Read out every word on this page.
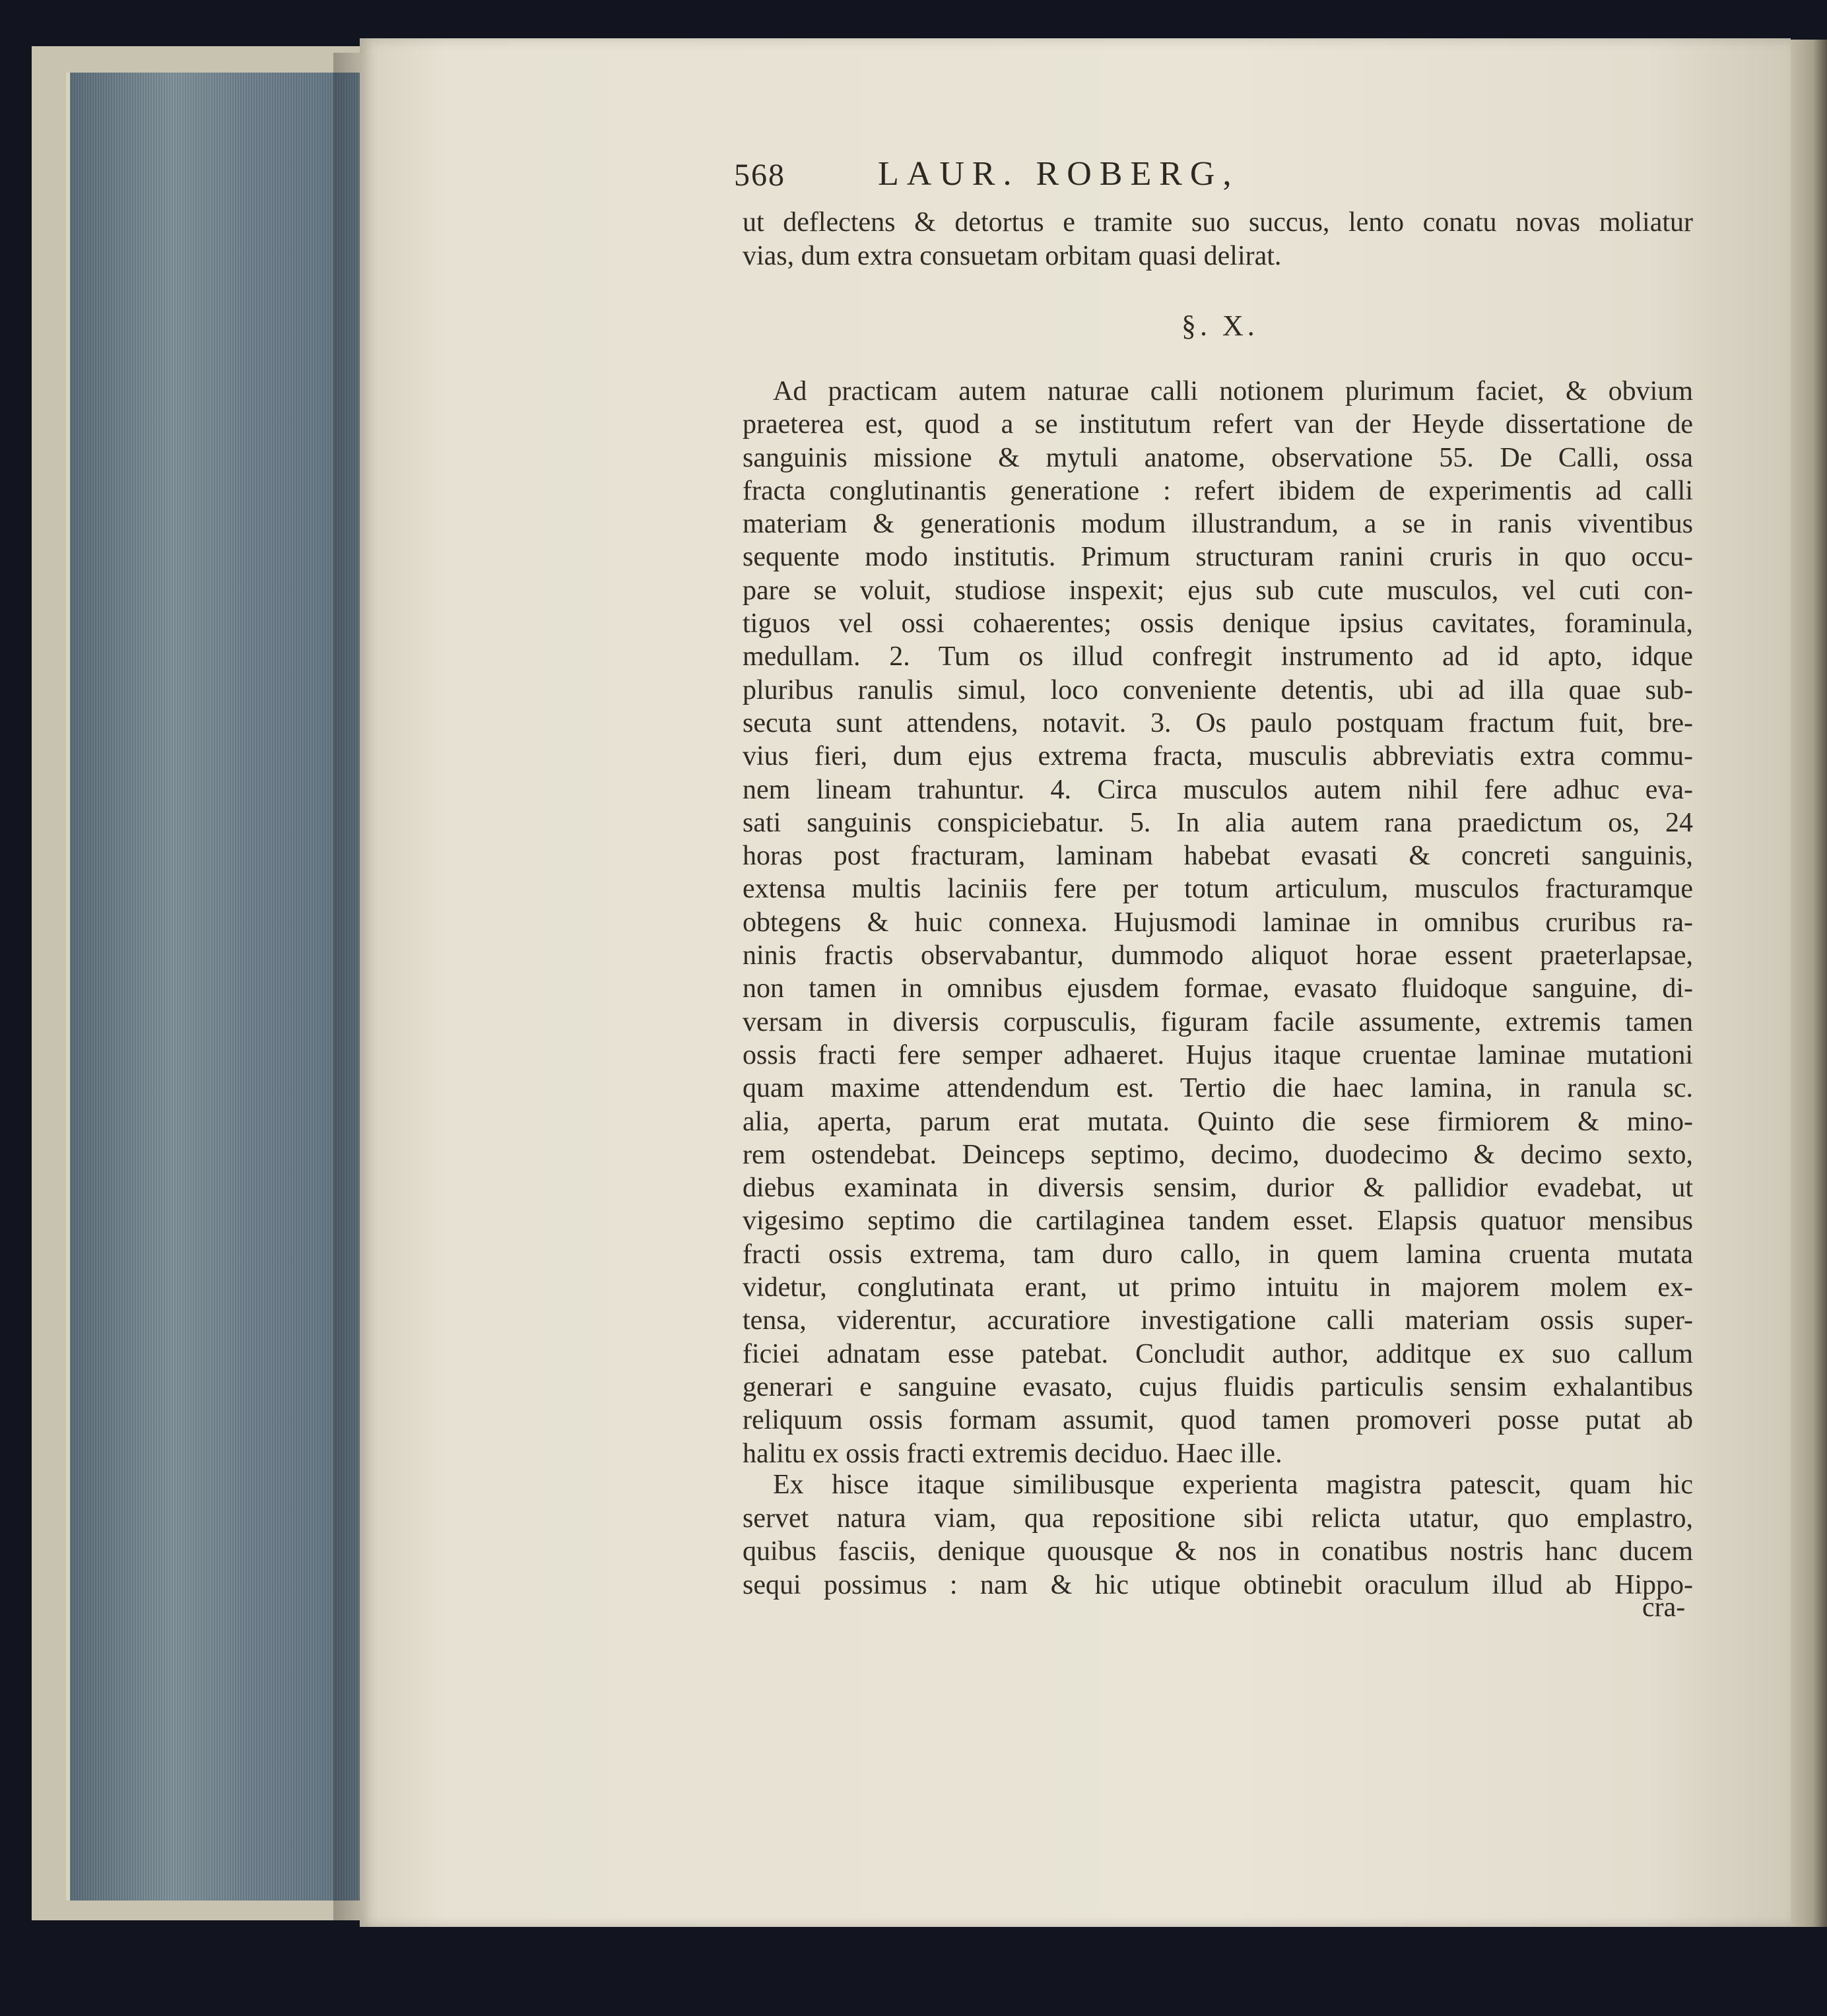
568	LAUR. ROBERG,
ut deflectens & detortus e tramite suo succus, lento conatu novas moliatur
vias, dum extra consuetam orbitam quasi delirat.
§. X.
Ad practicam autem naturae calli notionem plurimum faciet, & obvium
praeterea est, quod a se institutum refert van der Heyde dissertatione de
sanguinis missione & mytuli anatome, observatione 55. De Calli, ossa
fracta conglutinantis generatione : refert ibidem de experimentis ad calli
materiam & generationis modum illustrandum, a se in ranis viventibus
sequente modo institutis. Primum structuram ranini cruris in quo occu-
pare se voluit, studiose inspexit; ejus sub cute musculos, vel cuti con-
tiguos vel ossi cohaerentes; ossis denique ipsius cavitates, foraminula,
medullam. 2. Tum os illud confregit instrumento ad id apto, idque
pluribus ranulis simul, loco conveniente detentis, ubi ad illa quae sub-
secuta sunt attendens, notavit. 3. Os paulo postquam fractum fuit, bre-
vius fieri, dum ejus extrema fracta, musculis abbreviatis extra commu-
nem lineam trahuntur. 4. Circa musculos autem nihil fere adhuc eva-
sati sanguinis conspiciebatur. 5. In alia autem rana praedictum os, 24
horas post fracturam, laminam habebat evasati & concreti sanguinis,
extensa multis laciniis fere per totum articulum, musculos fracturamque
obtegens & huic connexa. Hujusmodi laminae in omnibus cruribus ra-
ninis fractis observabantur, dummodo aliquot horae essent praeterlapsae,
non tamen in omnibus ejusdem formae, evasato fluidoque sanguine, di-
versam in diversis corpusculis, figuram facile assumente, extremis tamen
ossis fracti fere semper adhaeret. Hujus itaque cruentae laminae mutationi
quam maxime attendendum est. Tertio die haec lamina, in ranula sc.
alia, aperta, parum erat mutata. Quinto die sese firmiorem & mino-
rem ostendebat. Deinceps septimo, decimo, duodecimo & decimo sexto,
diebus examinata in diversis sensim, durior & pallidior evadebat, ut
vigesimo septimo die cartilaginea tandem esset. Elapsis quatuor mensibus
fracti ossis extrema, tam duro callo, in quem lamina cruenta mutata
videtur, conglutinata erant, ut primo intuitu in majorem molem ex-
tensa, viderentur, accuratiore investigatione calli materiam ossis super-
ficiei adnatam esse patebat. Concludit author, additque ex suo callum
generari e sanguine evasato, cujus fluidis particulis sensim exhalantibus
reliquum ossis formam assumit, quod tamen promoveri posse putat ab
halitu ex ossis fracti extremis deciduo. Haec ille.
Ex hisce itaque similibusque experienta magistra patescit, quam hic
servet natura viam, qua repositione sibi relicta utatur, quo emplastro,
quibus fasciis, denique quousque & nos in conatibus nostris hanc ducem
sequi possimus : nam & hic utique obtinebit oraculum illud ab Hippo-
cra-
